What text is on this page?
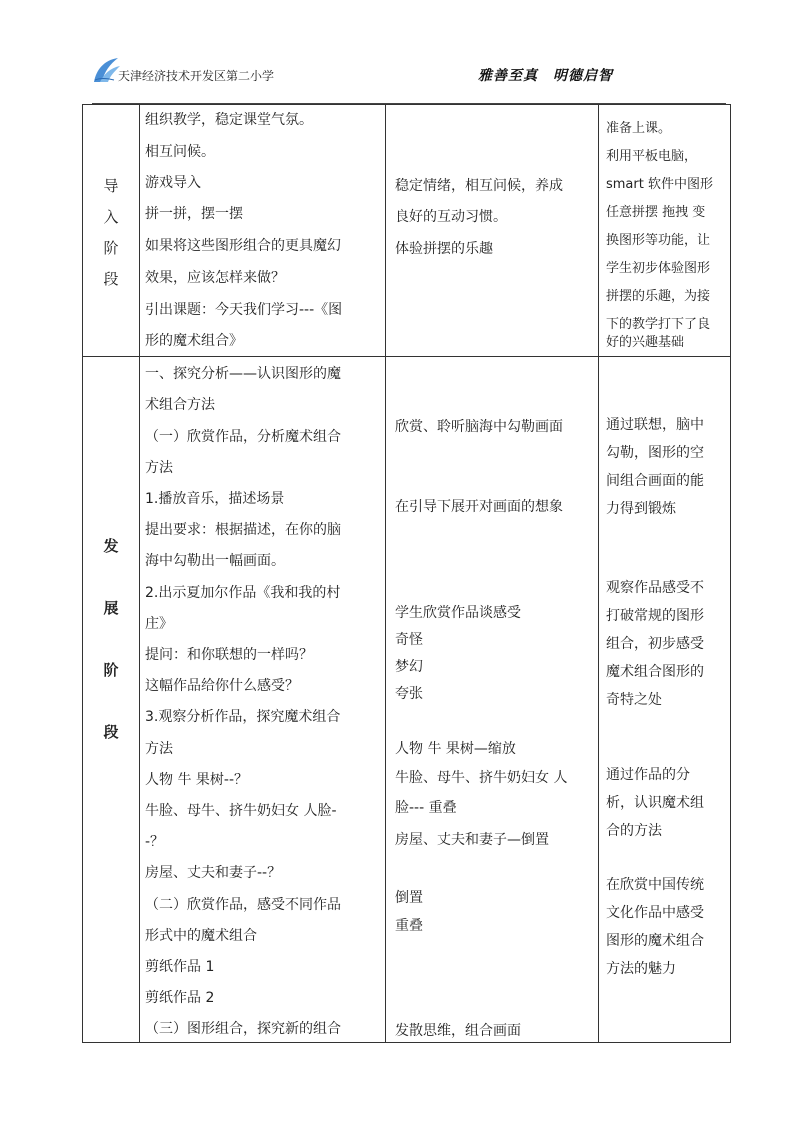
天津经济技术开发区第二小学	雅善至真　明德启智
导
入
阶
段
组织教学，稳定课堂气氛。
相互问候。
游戏导入
拼一拼，摆一摆
如果将这些图形组合的更具魔幻
效果，应该怎样来做？
引出课题：今天我们学习---《图
形的魔术组合》
稳定情绪，相互问候，养成
良好的互动习惯。
体验拼摆的乐趣
准备上课。
利用平板电脑，
smart 软件中图形
任意拼摆 拖拽 变
换图形等功能，让
学生初步体验图形
拼摆的乐趣，为接
下的教学打下了良
好的兴趣基础
发
展
阶
段
一、探究分析——认识图形的魔
术组合方法
（一）欣赏作品，分析魔术组合
方法
1.播放音乐，描述场景
提出要求：根据描述，在你的脑
海中勾勒出一幅画面。
2.出示夏加尔作品《我和我的村
庄》
提问：和你联想的一样吗？
这幅作品给你什么感受？
3.观察分析作品，探究魔术组合
方法
人物 牛 果树--？
牛脸、母牛、挤牛奶妇女 人脸-
-？
房屋、丈夫和妻子--？
（二）欣赏作品，感受不同作品
形式中的魔术组合
剪纸作品 1
剪纸作品 2
（三）图形组合，探究新的组合
欣赏、聆听脑海中勾勒画面
在引导下展开对画面的想象
学生欣赏作品谈感受
奇怪
梦幻
夸张
人物 牛 果树—缩放
牛脸、母牛、挤牛奶妇女 人
脸--- 重叠
房屋、丈夫和妻子—倒置
倒置
重叠
发散思维，组合画面
通过联想，脑中
勾勒，图形的空
间组合画面的能
力得到锻炼
观察作品感受不
打破常规的图形
组合，初步感受
魔术组合图形的
奇特之处
通过作品的分
析，认识魔术组
合的方法
在欣赏中国传统
文化作品中感受
图形的魔术组合
方法的魅力
